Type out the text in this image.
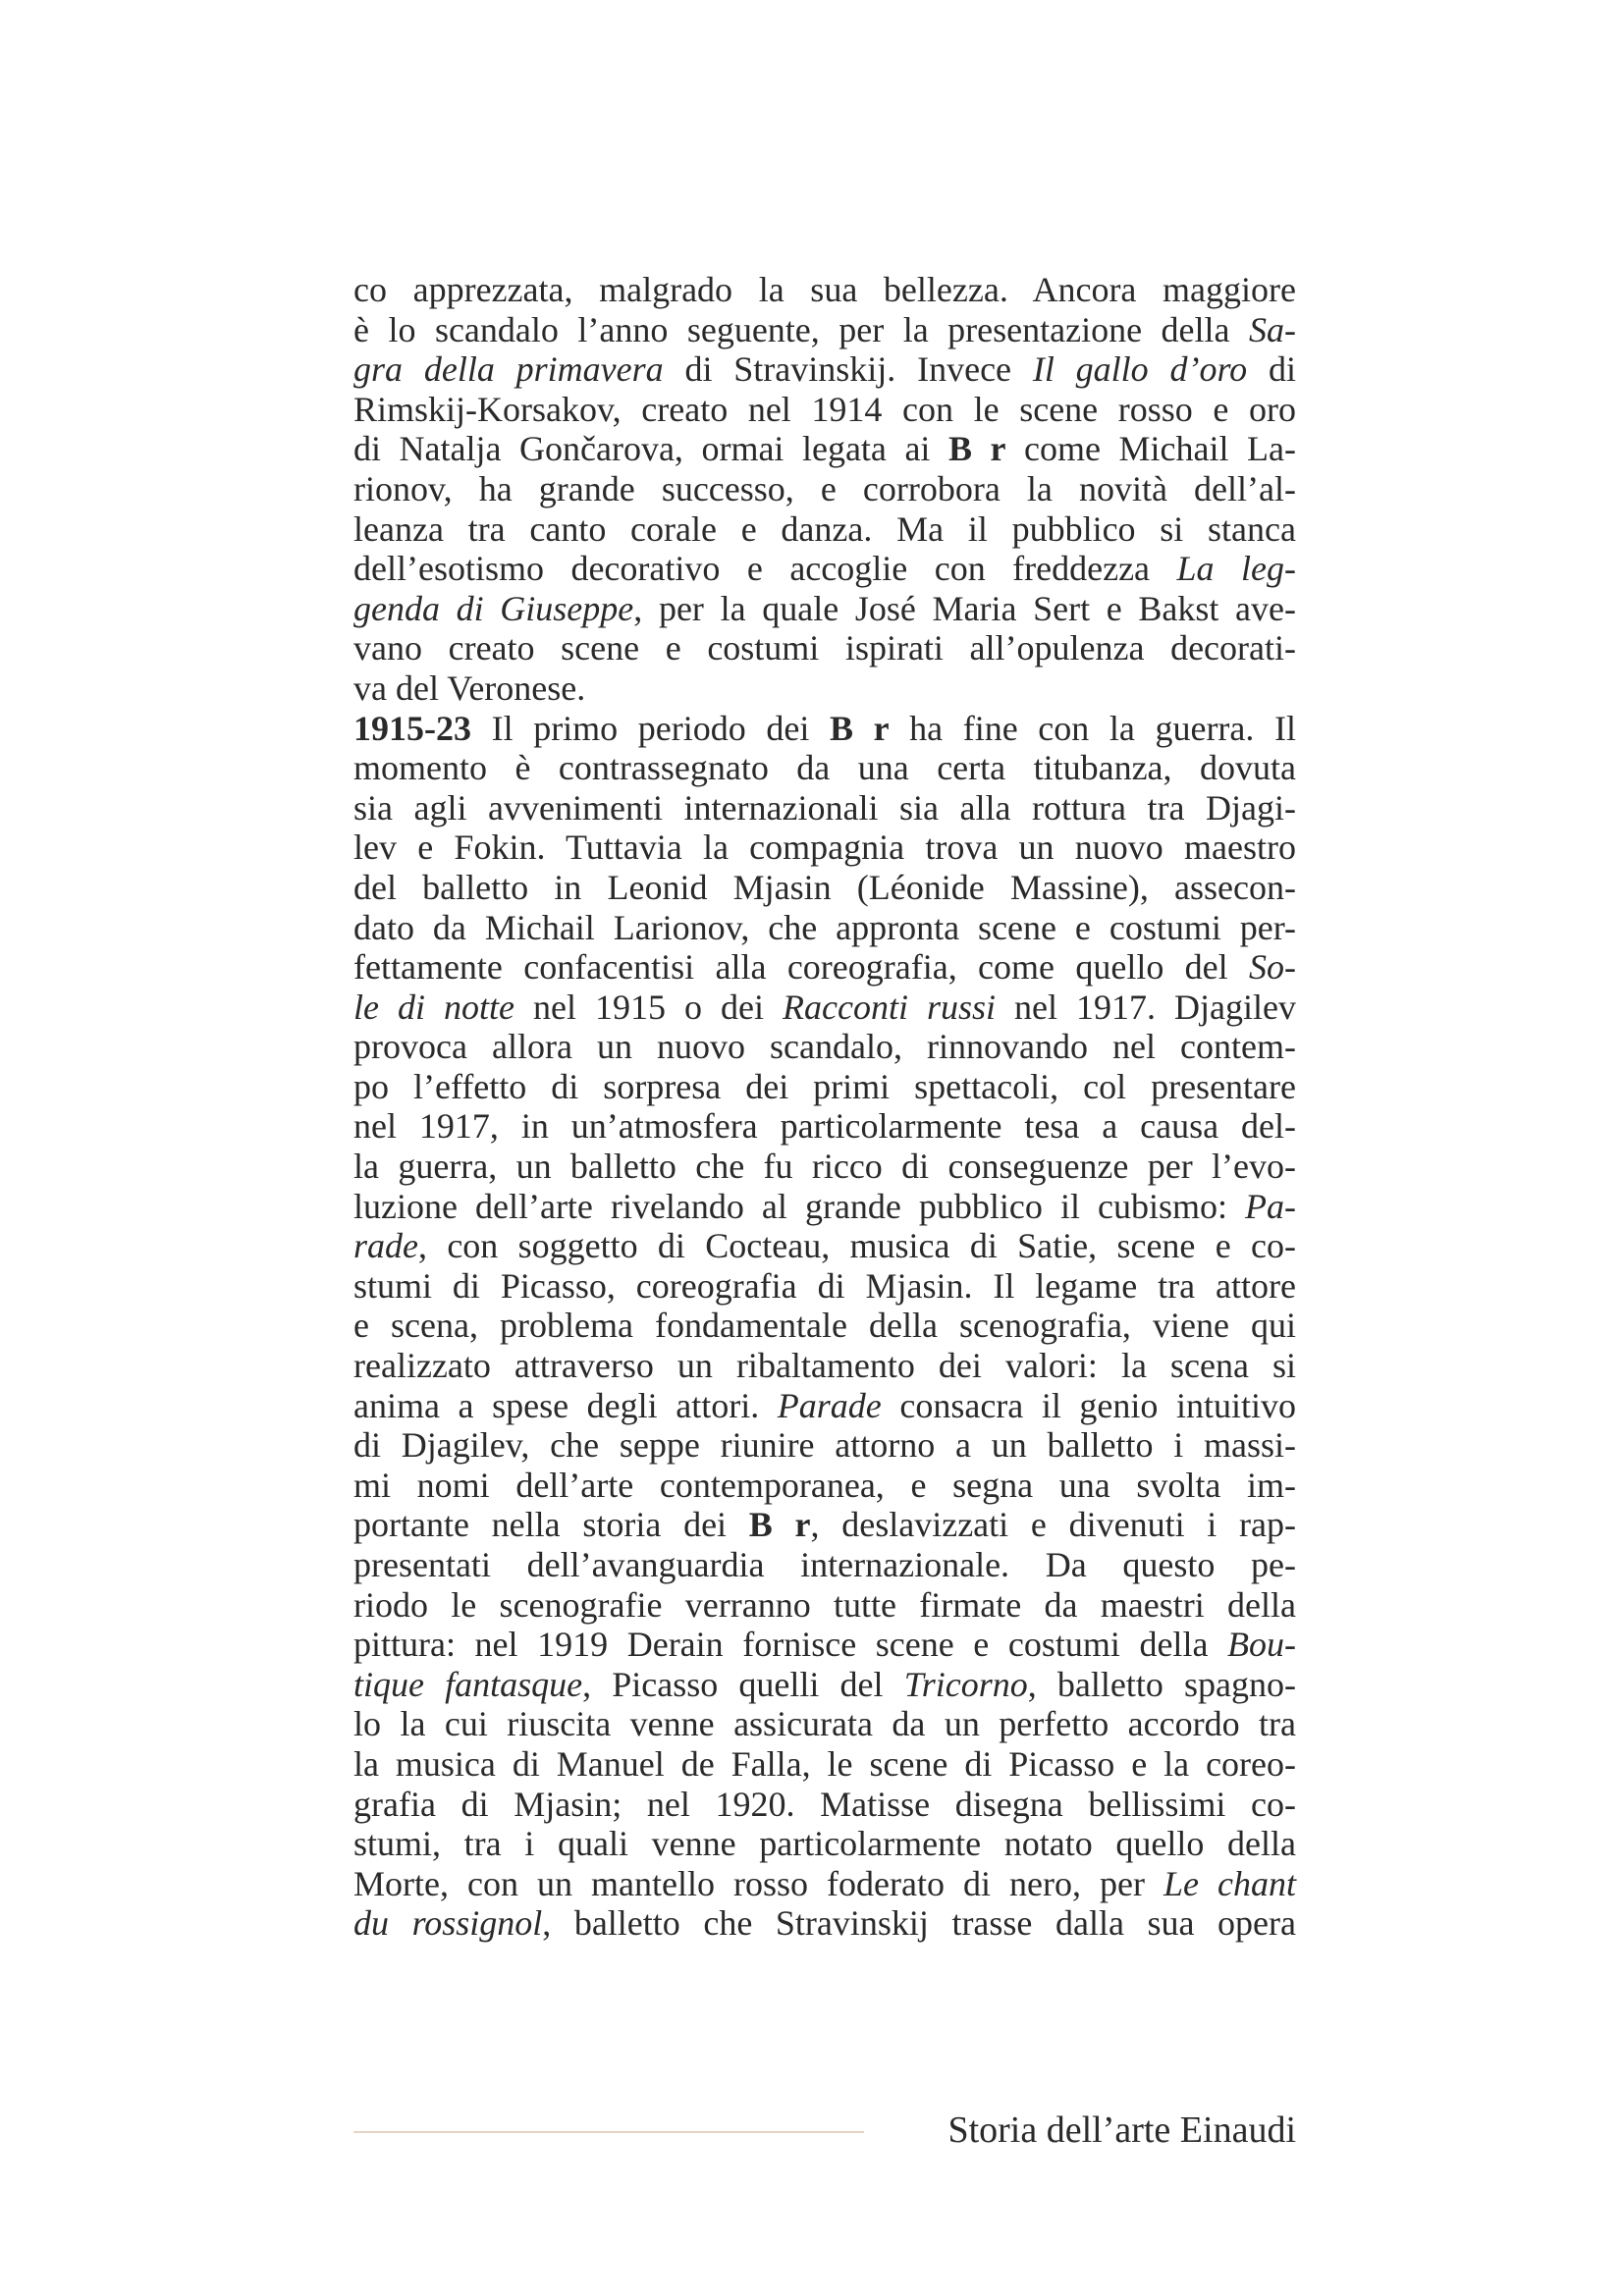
co apprezzata, malgrado la sua bellezza. Ancora maggiore
è lo scandalo l’anno seguente, per la presentazione della Sa-
gra della primavera di Stravinskij. Invece Il gallo d’oro di
Rimskij-Korsakov, creato nel 1914 con le scene rosso e oro
di Natalja Gončarova, ormai legata ai B r come Michail La-
rionov, ha grande successo, e corrobora la novità dell’al-
leanza tra canto corale e danza. Ma il pubblico si stanca
dell’esotismo decorativo e accoglie con freddezza La leg-
genda di Giuseppe, per la quale José Maria Sert e Bakst ave-
vano creato scene e costumi ispirati all’opulenza decorati-
va del Veronese.
1915-23 Il primo periodo dei B r ha fine con la guerra. Il
momento è contrassegnato da una certa titubanza, dovuta
sia agli avvenimenti internazionali sia alla rottura tra Djagi-
lev e Fokin. Tuttavia la compagnia trova un nuovo maestro
del balletto in Leonid Mjasin (Léonide Massine), assecon-
dato da Michail Larionov, che approntа scene e costumi per-
fettamente confacentisi alla coreografia, come quello del So-
le di notte nel 1915 o dei Racconti russi nel 1917. Djagilev
provoca allora un nuovo scandalo, rinnovando nel contem-
po l’effetto di sorpresa dei primi spettacoli, col presentare
nel 1917, in un’atmosfera particolarmente tesa a causa del-
la guerra, un balletto che fu ricco di conseguenze per l’evo-
luzione dell’arte rivelando al grande pubblico il cubismo: Pa-
rade, con soggetto di Cocteau, musica di Satie, scene e co-
stumi di Picasso, coreografia di Mjasin. Il legame tra attore
e scena, problema fondamentale della scenografia, viene qui
realizzato attraverso un ribaltamento dei valori: la scena si
anima a spese degli attori. Parade consacra il genio intuitivo
di Djagilev, che seppe riunire attorno a un balletto i massi-
mi nomi dell’arte contemporanea, e segna una svolta im-
portante nella storia dei B r, deslavizzati e divenuti i rap-
presentati dell’avanguardia internazionale. Da questo pe-
riodo le scenografie verranno tutte firmate da maestri della
pittura: nel 1919 Derain fornisce scene e costumi della Bou-
tique fantasque, Picasso quelli del Tricorno, balletto spagno-
lo la cui riuscita venne assicurata da un perfetto accordo tra
la musica di Manuel de Falla, le scene di Picasso e la coreo-
grafia di Mjasin; nel 1920. Matisse disegna bellissimi co-
stumi, tra i quali venne particolarmente notato quello della
Morte, con un mantello rosso foderato di nero, per Le chant
du rossignol, balletto che Stravinskij trasse dalla sua opera
Storia dell’arte Einaudi
